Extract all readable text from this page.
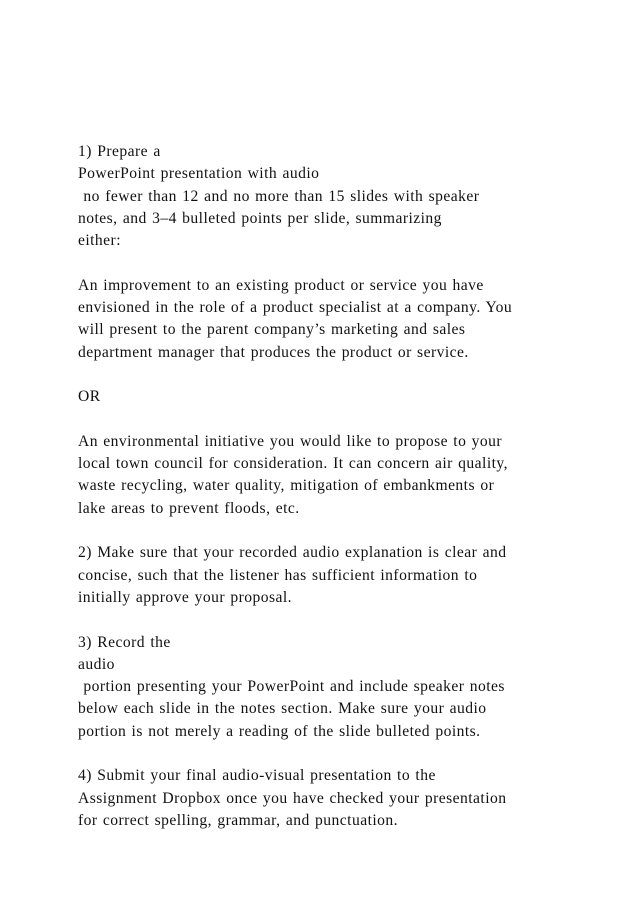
1) Prepare a
PowerPoint presentation with audio
no fewer than 12 and no more than 15 slides with speaker
notes, and 3–4 bulleted points per slide, summarizing
either:
An improvement to an existing product or service you have
envisioned in the role of a product specialist at a company. You
will present to the parent company’s marketing and sales
department manager that produces the product or service.
OR
An environmental initiative you would like to propose to your
local town council for consideration. It can concern air quality,
waste recycling, water quality, mitigation of embankments or
lake areas to prevent floods, etc.
2) Make sure that your recorded audio explanation is clear and
concise, such that the listener has sufficient information to
initially approve your proposal.
3) Record the
audio
portion presenting your PowerPoint and include speaker notes
below each slide in the notes section. Make sure your audio
portion is not merely a reading of the slide bulleted points.
4) Submit your final audio-visual presentation to the
Assignment Dropbox once you have checked your presentation
for correct spelling, grammar, and punctuation.
